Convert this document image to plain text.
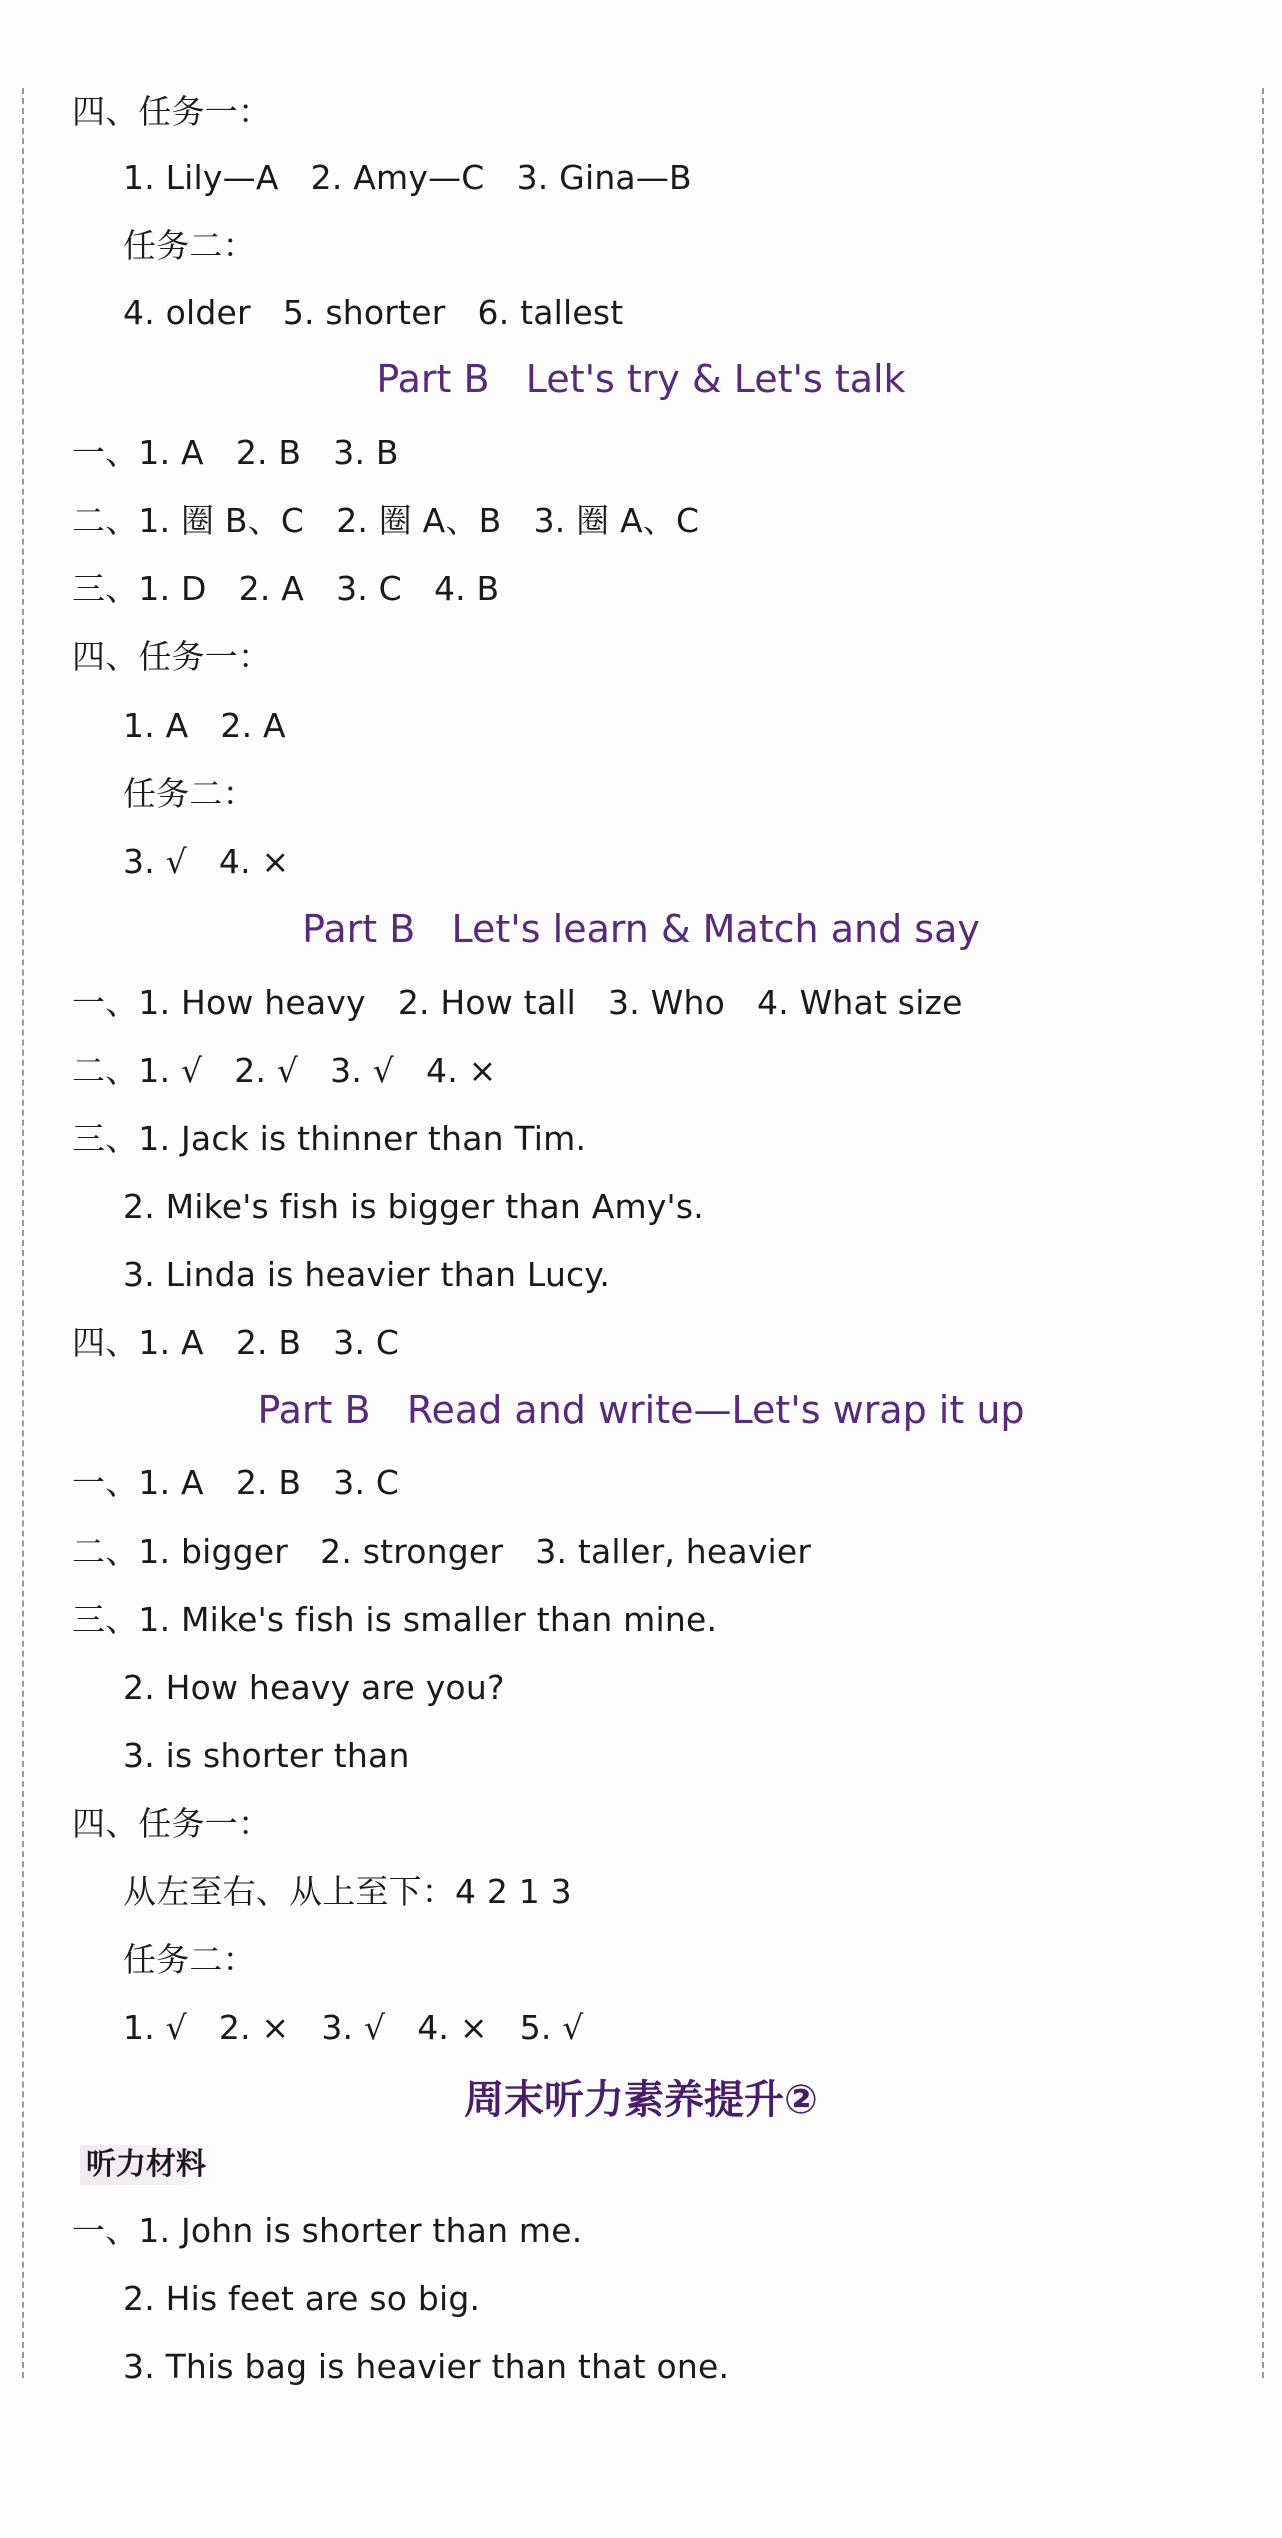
四、任务一：
1. Lily—A   2. Amy—C   3. Gina—B
任务二：
4. older   5. shorter   6. tallest
Part B   Let's try & Let's talk
一、1. A   2. B   3. B
二、1. 圈 B、C   2. 圈 A、B   3. 圈 A、C
三、1. D   2. A   3. C   4. B
四、任务一：
1. A   2. A
任务二：
3. √   4. ×
Part B   Let's learn & Match and say
一、1. How heavy   2. How tall   3. Who   4. What size
二、1. √   2. √   3. √   4. ×
三、1. Jack is thinner than Tim.
2. Mike's fish is bigger than Amy's.
3. Linda is heavier than Lucy.
四、1. A   2. B   3. C
Part B   Read and write—Let's wrap it up
一、1. A   2. B   3. C
二、1. bigger   2. stronger   3. taller, heavier
三、1. Mike's fish is smaller than mine.
2. How heavy are you?
3. is shorter than
四、任务一：
从左至右、从上至下：4 2 1 3
任务二：
1. √   2. ×   3. √   4. ×   5. √
周末听力素养提升②
听力材料
一、1. John is shorter than me.
2. His feet are so big.
3. This bag is heavier than that one.
